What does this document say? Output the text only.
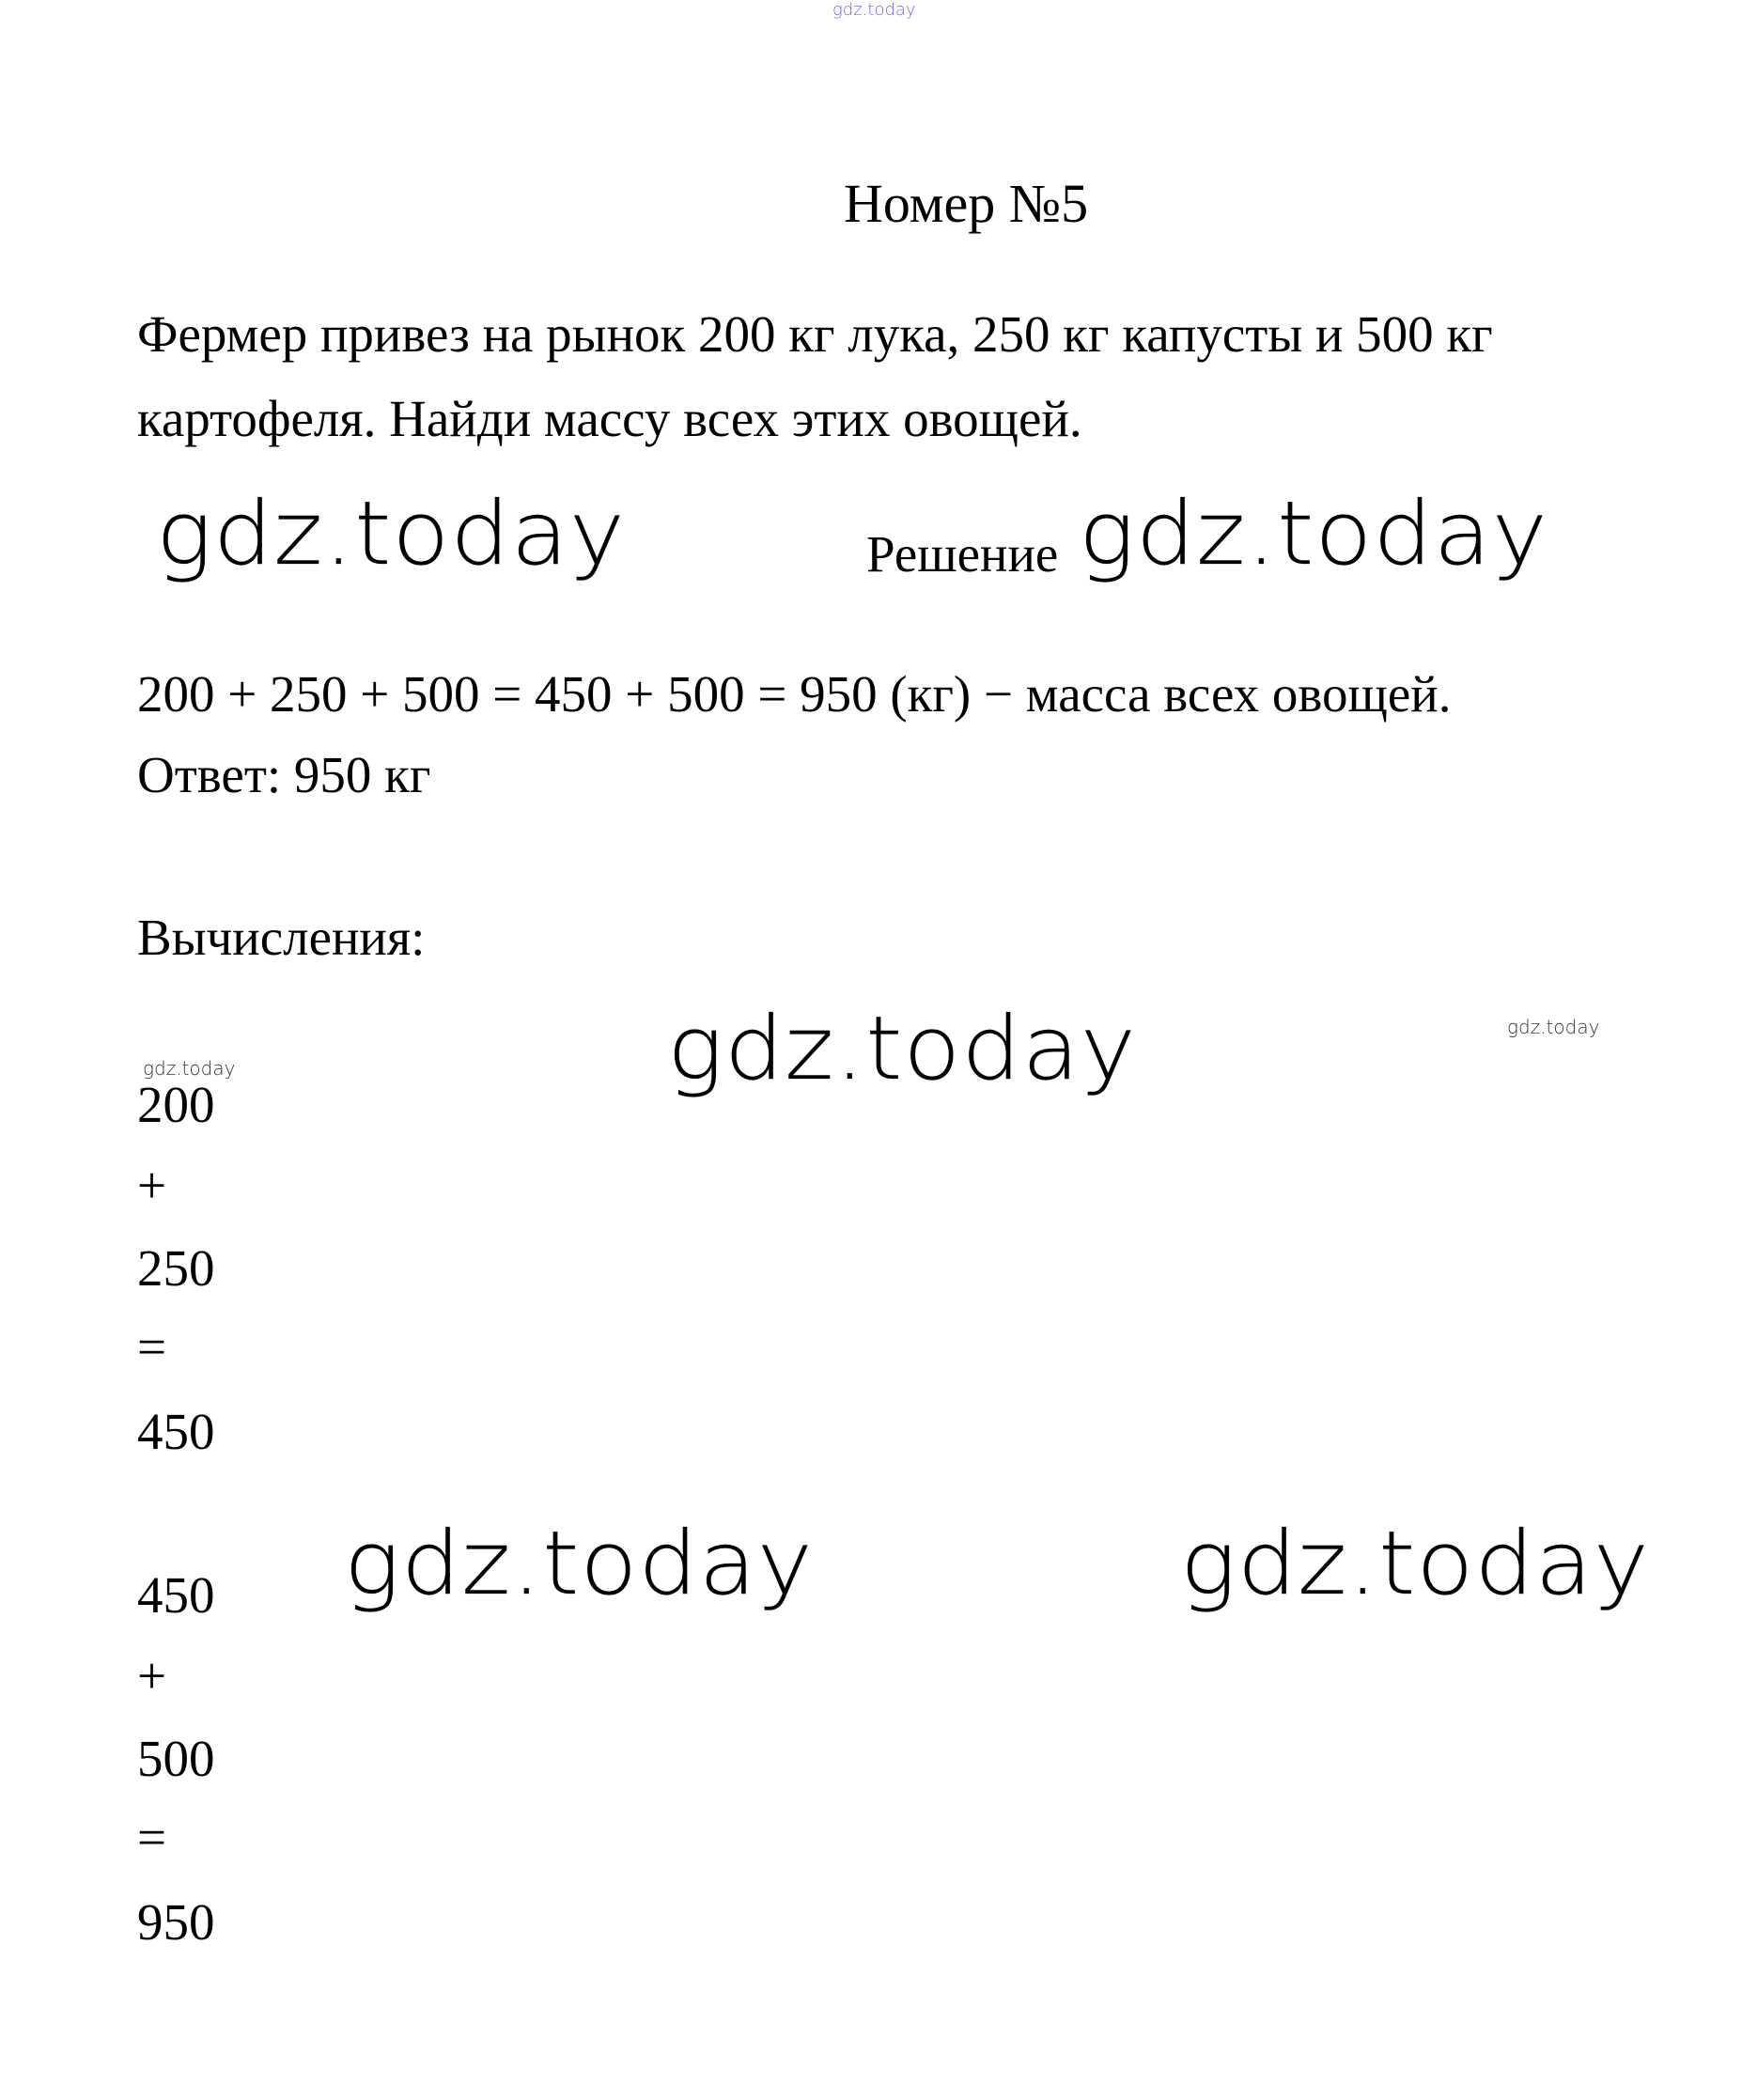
gdz.today
Номер №5
Фермер привез на рынок 200 кг лука, 250 кг капусты и 500 кг
картофеля. Найди массу всех этих овощей.
gdz.today	Решение gdz.today
200 + 250 + 500 = 450 + 500 = 950 (кг) − масса всех овощей.
Ответ: 950 кг
Вычисления:
gdz.today
gdz.today	gdz.today
200
+
250
=
450
gdz.today	gdz.today
450
+
500
=
950
